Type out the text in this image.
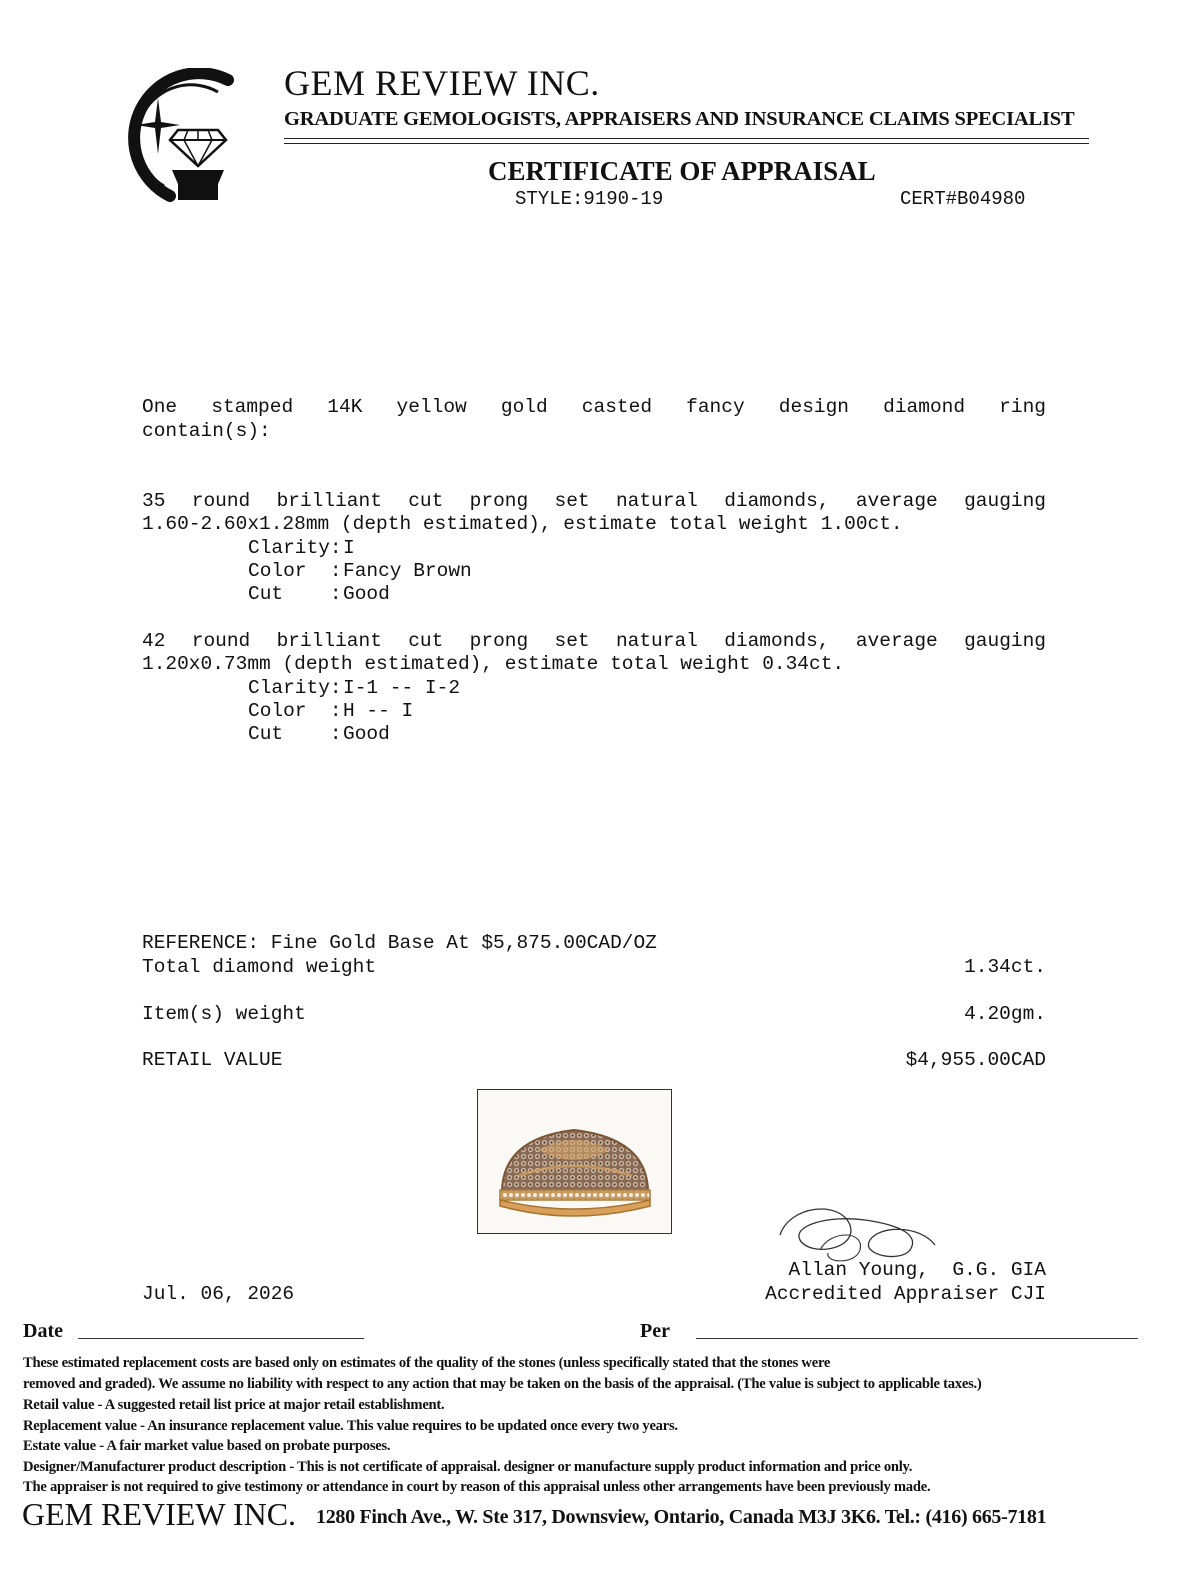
GEM REVIEW INC.
GRADUATE GEMOLOGISTS, APPRAISERS AND INSURANCE CLAIMS SPECIALIST
CERTIFICATE OF APPRAISAL
STYLE:9190-19	CERT#B04980
One stamped 14K yellow gold casted fancy design diamond ring
contain(s):
35 round brilliant cut prong set natural diamonds, average gauging
1.60-2.60x1.28mm (depth estimated), estimate total weight 1.00ct.
Clarity:I
Color  :Fancy Brown
Cut    :Good
42 round brilliant cut prong set natural diamonds, average gauging
1.20x0.73mm (depth estimated), estimate total weight 0.34ct.
Clarity:I-1 -- I-2
Color  :H -- I
Cut    :Good
REFERENCE: Fine Gold Base At $5,875.00CAD/OZ
Total diamond weight	1.34ct.
Item(s) weight	4.20gm.
RETAIL VALUE	$4,955.00CAD
Jul. 06, 2026
Allan Young,  G.G. GIA
Accredited Appraiser CJI
Date	Per
These estimated replacement costs are based only on estimates of the quality of the stones (unless specifically stated that the stones were
removed and graded). We assume no liability with respect to any action that may be taken on the basis of the appraisal. (The value is subject to applicable taxes.)
Retail value - A suggested retail list price at major retail establishment.
Replacement value - An insurance replacement value. This value requires to be updated once every two years.
Estate value - A fair market value based on probate purposes.
Designer/Manufacturer product description - This is not certificate of appraisal. designer or manufacture supply product information and price only.
The appraiser is not required to give testimony or attendance in court by reason of this appraisal unless other arrangements have been previously made.
GEM REVIEW INC. 1280 Finch Ave., W. Ste 317, Downsview, Ontario, Canada M3J 3K6. Tel.: (416) 665-7181
